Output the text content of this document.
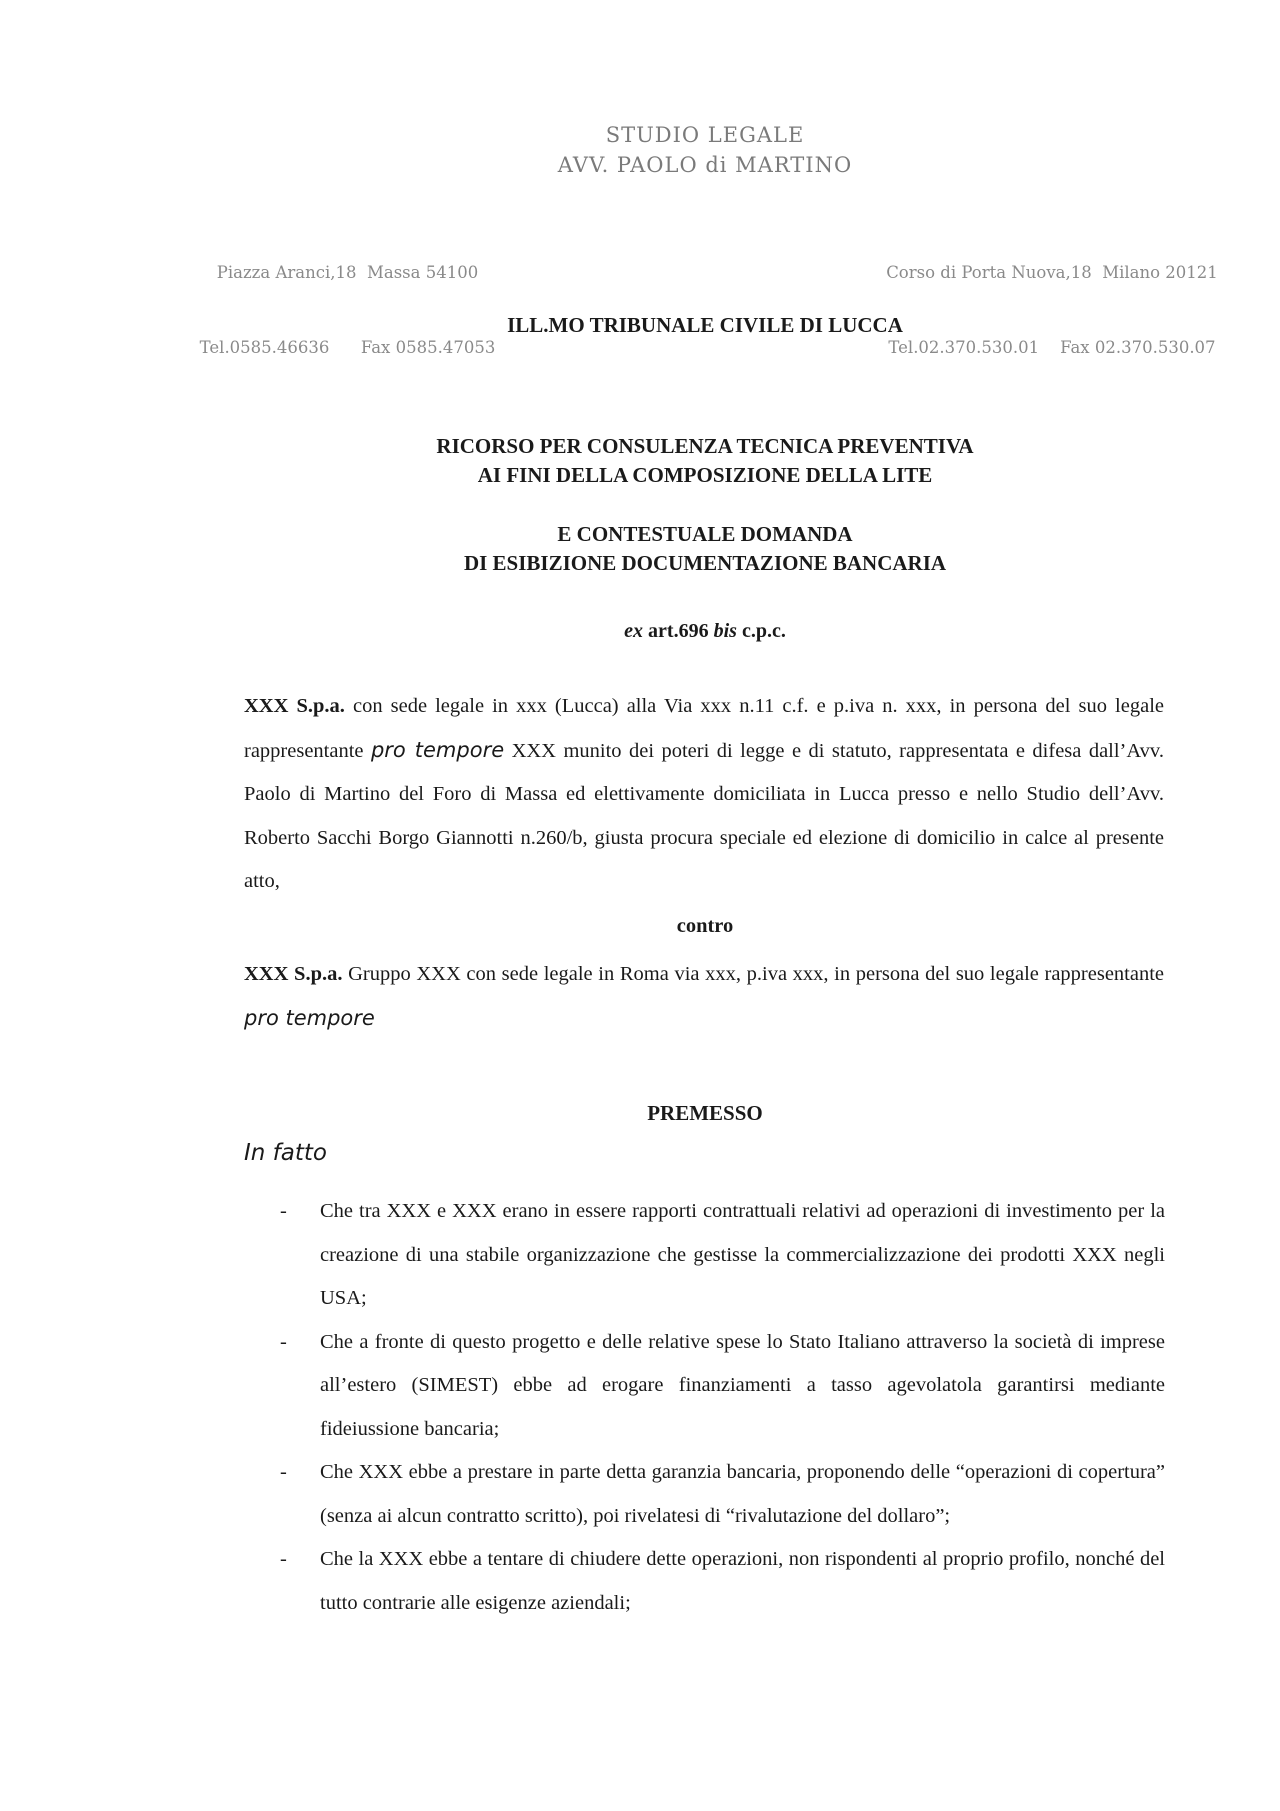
STUDIO LEGALE
AVV. PAOLO di MARTINO

Piazza Aranci,18  Massa 54100

Tel.0585.46636      Fax 0585.47053

Corso di Porta Nuova,18  Milano 20121

Tel.02.370.530.01    Fax 02.370.530.07

ILL.MO TRIBUNALE CIVILE DI LUCCA
RICORSO PER CONSULENZA TECNICA PREVENTIVA
AI FINI DELLA COMPOSIZIONE DELLA LITE
E CONTESTUALE DOMANDA
DI ESIBIZIONE DOCUMENTAZIONE BANCARIA
ex art.696 bis c.p.c.
XXX S.p.a. con sede legale in xxx (Lucca) alla Via xxx n.11 c.f. e p.iva n. xxx, in persona del suo legale rappresentante pro tempore XXX munito dei poteri di legge e di statuto, rappresentata e difesa dall’Avv. Paolo di Martino del Foro di Massa ed elettivamente domiciliata in Lucca presso e nello Studio dell’Avv. Roberto Sacchi Borgo Giannotti n.260/b, giusta procura speciale ed elezione di domicilio in calce al presente atto,
contro
XXX S.p.a. Gruppo XXX con sede legale in Roma via xxx, p.iva xxx, in persona del suo legale rappresentante pro tempore
PREMESSO
In fatto
- Che tra XXX e XXX erano in essere rapporti contrattuali relativi ad operazioni di investimento per la creazione di una stabile organizzazione che gestisse la commercializzazione dei prodotti XXX negli USA;
- Che a fronte di questo progetto e delle relative spese lo Stato Italiano attraverso la società di imprese all’estero (SIMEST) ebbe ad erogare finanziamenti a tasso agevolatola garantirsi mediante fideiussione bancaria;
- Che XXX ebbe a prestare in parte detta garanzia bancaria, proponendo delle “operazioni di copertura” (senza ai alcun contratto scritto), poi rivelatesi di “rivalutazione del dollaro”;
- Che la XXX ebbe a tentare di chiudere dette operazioni, non rispondenti al proprio profilo, nonché del tutto contrarie alle esigenze aziendali;
